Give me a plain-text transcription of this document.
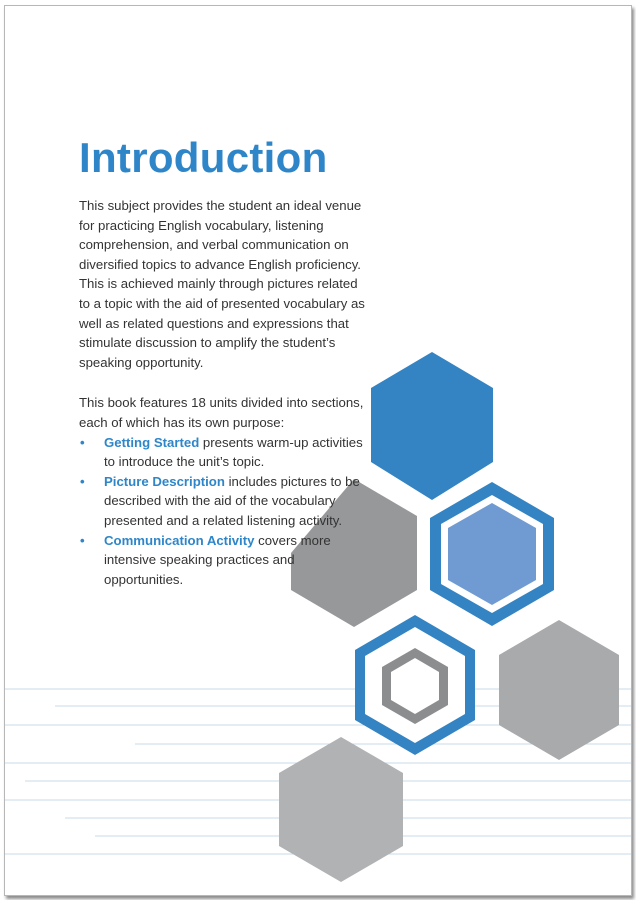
Introduction

This subject provides the student an ideal venue for practicing English vocabulary, listening comprehension, and verbal communication on diversified topics to advance English proficiency. This is achieved mainly through pictures related to a topic with the aid of presented vocabulary as well as related questions and expressions that stimulate discussion to amplify the student’s speaking opportunity.

This book features 18 units divided into sections, each of which has its own purpose:

• Getting Started presents warm-up activities to introduce the unit’s topic.
• Picture Description includes pictures to be described with the aid of the vocabulary presented and a related listening activity.
• Communication Activity covers more intensive speaking practices and opportunities.
